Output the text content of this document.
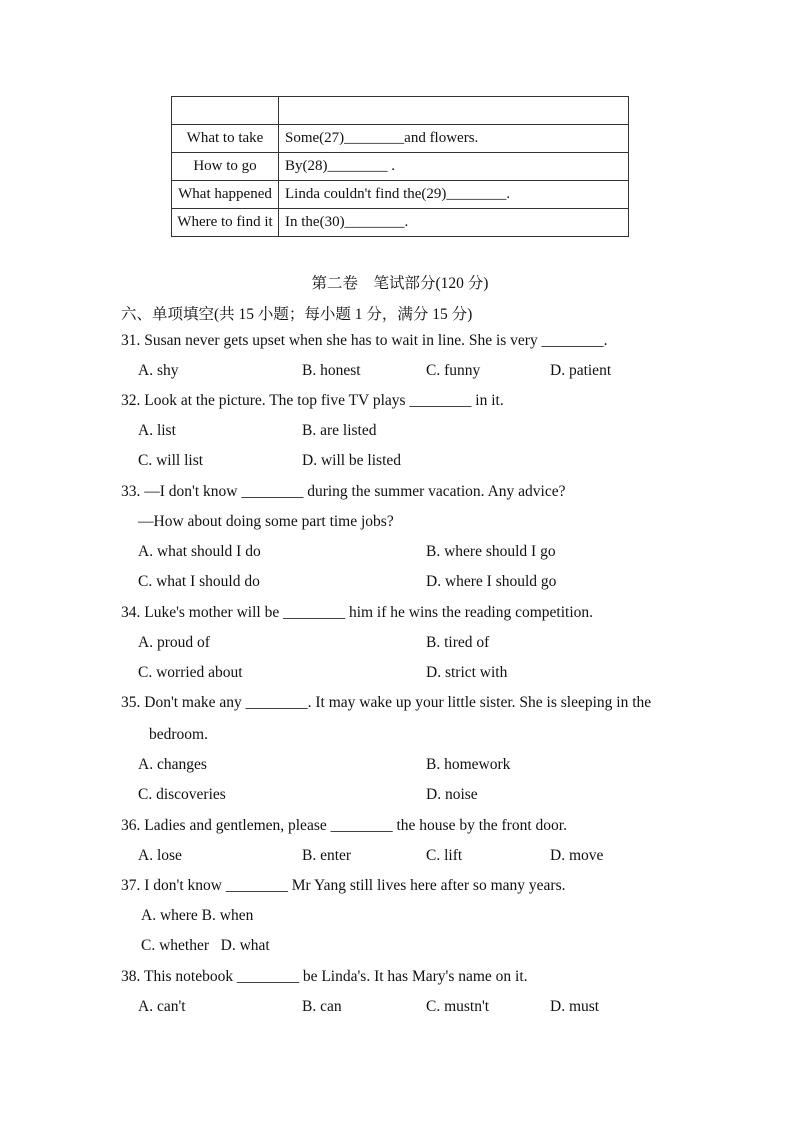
What to take	Some(27)________and flowers.
How to go	By(28)________ .
What happened	Linda couldn't find the(29)________.
Where to find it	In the(30)________.
第二卷　笔试部分(120 分)
六、单项填空(共 15 小题；每小题 1 分，满分 15 分)
31. Susan never gets upset when she has to wait in line. She is very ________.
A. shy	B. honest	C. funny	D. patient
32. Look at the picture. The top five TV plays ________ in it.
A. list	B. are listed
C. will list	D. will be listed
33. —I don't know ________ during the summer vacation. Any advice?
—How about doing some part time jobs?
A. what should I do	B. where should I go
C. what I should do	D. where I should go
34. Luke's mother will be ________ him if he wins the reading competition.
A. proud of	B. tired of
C. worried about	D. strict with
35. Don't make any ________. It may wake up your little sister. She is sleeping in the
bedroom.
A. changes	B. homework
C. discoveries	D. noise
36. Ladies and gentlemen, please ________ the house by the front door.
A. lose	B. enter	C. lift	D. move
37. I don't know ________ Mr Yang still lives here after so many years.
A. where B. when
C. whether   D. what
38. This notebook ________ be Linda's. It has Mary's name on it.
A. can't	B. can	C. mustn't	D. must
